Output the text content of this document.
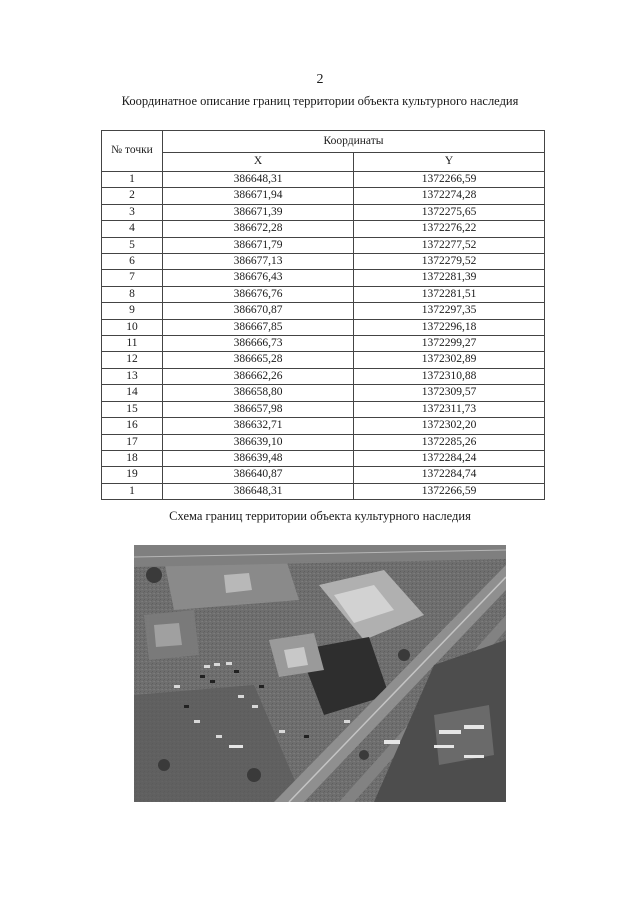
2
Координатное описание границ территории объекта культурного наследия
№ точки	Координаты	
	X	Y
1	386648,31	1372266,59
2	386671,94	1372274,28
3	386671,39	1372275,65
4	386672,28	1372276,22
5	386671,79	1372277,52
6	386677,13	1372279,52
7	386676,43	1372281,39
8	386676,76	1372281,51
9	386670,87	1372297,35
10	386667,85	1372296,18
11	386666,73	1372299,27
12	386665,28	1372302,89
13	386662,26	1372310,88
14	386658,80	1372309,57
15	386657,98	1372311,73
16	386632,71	1372302,20
17	386639,10	1372285,26
18	386639,48	1372284,24
19	386640,87	1372284,74
1	386648,31	1372266,59
Схема границ территории объекта культурного наследия
